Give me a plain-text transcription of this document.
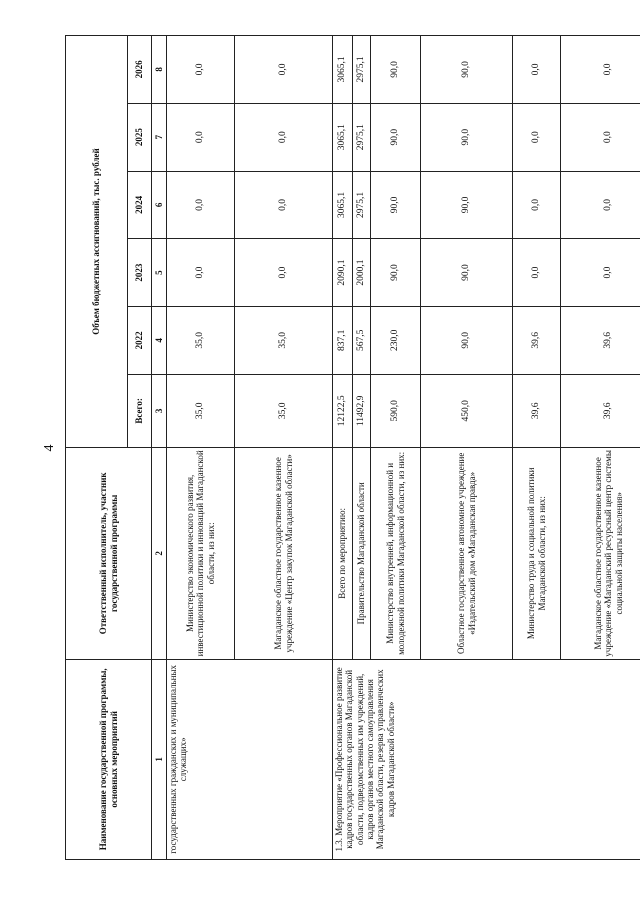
4
Наименование государственной программы, основных мероприятий	Ответственный исполнитель, участник государственной программы	Объем бюджетных ассигнований, тыс. рублей					
		Всего:	2022	2023	2024	2025	2026
1	2	3	4	5	6	7	8
государственных гражданских и муниципальных служащих»	Министерство экономического развития, инвестиционной политики и инноваций Магаданской области, из них:	35,0	35,0	0,0	0,0	0,0	0,0
	Магаданское областное государственное казенное учреждение «Центр закупок Магаданской области»	35,0	35,0	0,0	0,0	0,0	0,0
1.3. Мероприятие «Профессиональное развитие кадров государственных органов Магаданской области, подведомственных им учреждений, кадров органов местного самоуправления Магаданской области, резерва управленческих кадров Магаданской области»	Всего по мероприятию:	12122,5	837,1	2090,1	3065,1	3065,1	3065,1
	Правительство Магаданской области	11492,9	567,5	2000,1	2975,1	2975,1	2975,1
	Министерство внутренней, информационной и молодежной политики Магаданской области, из них:	590,0	230,0	90,0	90,0	90,0	90,0
	Областное государственное автономное учреждение «Издательский дом «Магаданская правда»	450,0	90,0	90,0	90,0	90,0	90,0
	Министерство труда и социальной политики Магаданской области, из них:	39,6	39,6	0,0	0,0	0,0	0,0
	Магаданское областное государственное казенное учреждение «Магаданский ресурсный центр системы социальной защиты населения»	39,6	39,6	0,0	0,0	0,0	0,0
